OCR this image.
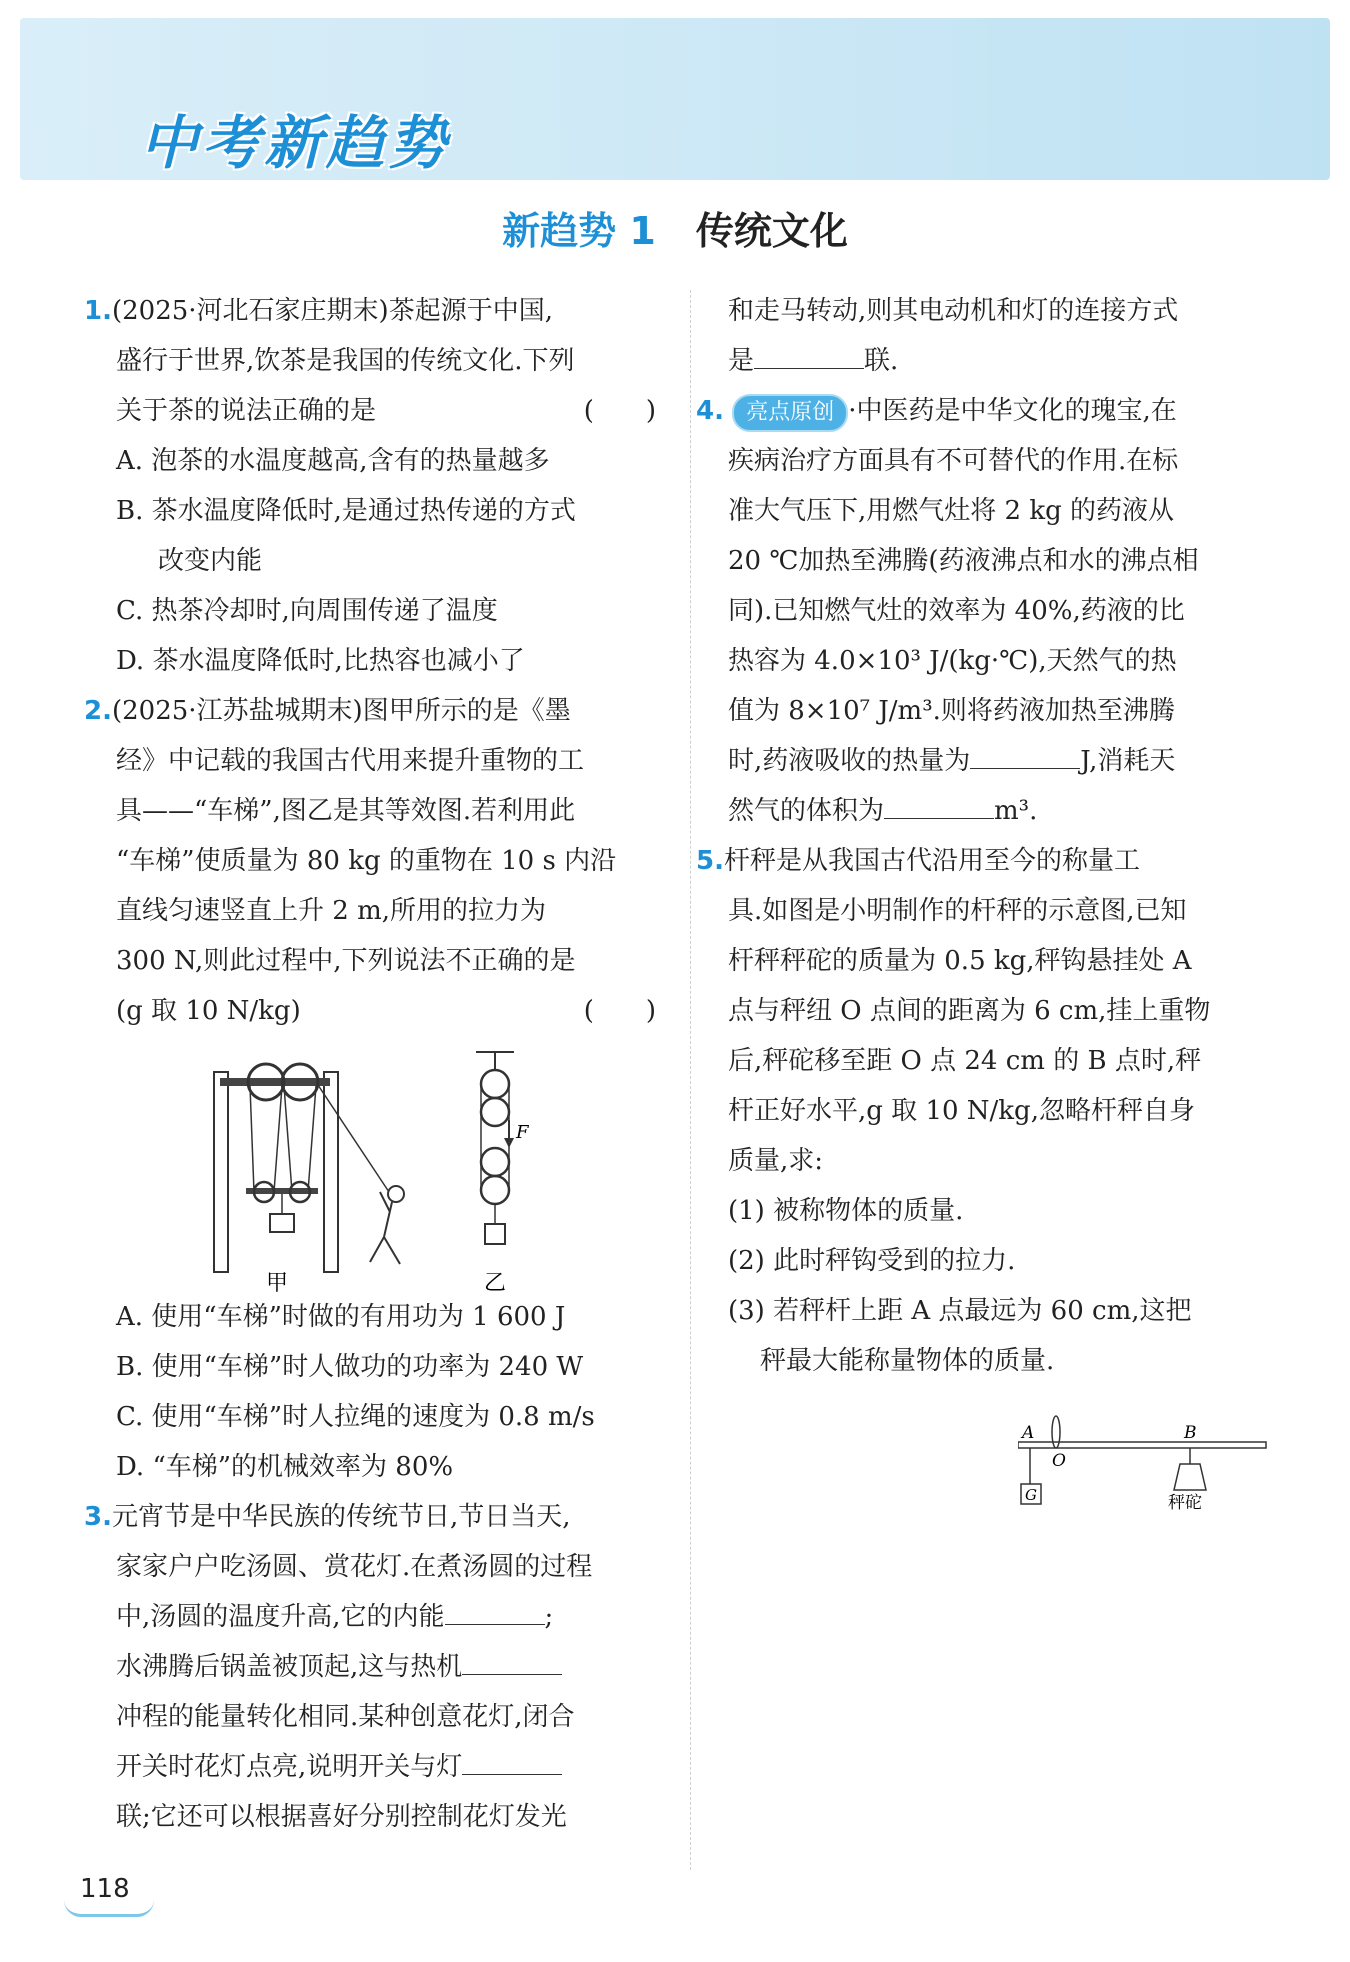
中考新趋势
新趋势 1 传统文化
1.(2025·河北石家庄期末)茶起源于中国,
盛行于世界,饮茶是我国的传统文化.下列
关于茶的说法正确的是	(　　)
A. 泡茶的水温度越高,含有的热量越多
B. 茶水温度降低时,是通过热传递的方式
改变内能
C. 热茶冷却时,向周围传递了温度
D. 茶水温度降低时,比热容也减小了
2.(2025·江苏盐城期末)图甲所示的是《墨
经》中记载的我国古代用来提升重物的工
具——“车梯”,图乙是其等效图.若利用此
“车梯”使质量为 80 kg 的重物在 10 s 内沿
直线匀速竖直上升 2 m,所用的拉力为
300 N,则此过程中,下列说法不正确的是
(g 取 10 N/kg)	(　　)
F
甲	乙
A. 使用“车梯”时做的有用功为 1 600 J
B. 使用“车梯”时人做功的功率为 240 W
C. 使用“车梯”时人拉绳的速度为 0.8 m/s
D. “车梯”的机械效率为 80%
3.元宵节是中华民族的传统节日,节日当天,
家家户户吃汤圆、赏花灯.在煮汤圆的过程
中,汤圆的温度升高,它的内能	;
水沸腾后锅盖被顶起,这与热机
冲程的能量转化相同.某种创意花灯,闭合
开关时花灯点亮,说明开关与灯
联;它还可以根据喜好分别控制花灯发光
和走马转动,则其电动机和灯的连接方式
是	联.
4. 亮点原创 ·中医药是中华文化的瑰宝,在
疾病治疗方面具有不可替代的作用.在标
准大气压下,用燃气灶将 2 kg 的药液从
20 ℃加热至沸腾(药液沸点和水的沸点相
同).已知燃气灶的效率为 40%,药液的比
热容为 4.0×10³ J/(kg·℃),天然气的热
值为 8×10⁷ J/m³.则将药液加热至沸腾
时,药液吸收的热量为	J,消耗天
然气的体积为	m³.
5.杆秤是从我国古代沿用至今的称量工
具.如图是小明制作的杆秤的示意图,已知
杆秤秤砣的质量为 0.5 kg,秤钩悬挂处 A
点与秤纽 O 点间的距离为 6 cm,挂上重物
后,秤砣移至距 O 点 24 cm 的 B 点时,秤
杆正好水平,g 取 10 N/kg,忽略杆秤自身
质量,求:
(1) 被称物体的质量.
(2) 此时秤钩受到的拉力.
(3) 若秤杆上距 A 点最远为 60 cm,这把
秤最大能称量物体的质量.
A
O
B
G	秤砣
118
